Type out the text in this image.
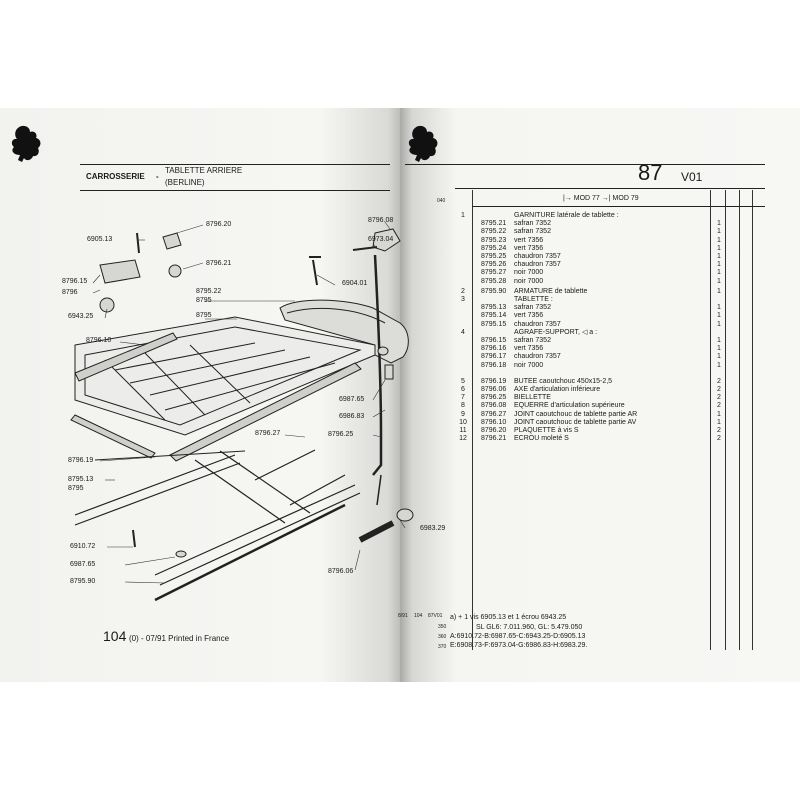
CARROSSERIE -
TABLETTE ARRIERE
(BERLINE)
8796.20
6905.13
8796.21
8796.15
8796
6943.25
8795.22
8795
8795
8796.10
8796.08
6973.04
6904.01
6987.65
6986.83
8796.25
8796.27
8796.19
8795.13
8795
6910.72
6987.65
8795.90
6983.29
8796.06
104 (0) - 07/91 Printed in France
87 V01
040	|→ MOD 77 →| MOD 79
1	GARNITURE latérale de tablette :
8795.21 safran 7352	1
8795.22 safran 7352	1
8795.23 vert 7356	1
8795.24 vert 7356	1
8795.25 chaudron 7357	1
8795.26 chaudron 7357	1
8795.27 noir 7000	1
8795.28 noir 7000	1
2	8795.90 ARMATURE de tablette	1
3	TABLETTE :
8795.13 safran 7352	1
8795.14 vert 7356	1
8795.15 chaudron 7357	1
4	AGRAFE-SUPPORT, ◁ a :
8796.15 safran 7352	1
8796.16 vert 7356	1
8796.17 chaudron 7357	1
8796.18 noir 7000	1
5	8796.19 BUTEE caoutchouc 450x15-2,5	2
6	8796.06 AXE d'articulation inférieure	2
7	8796.25 BIELLETTE	2
8	8796.08 EQUERRE d'articulation supérieure	2
9	8796.27 JOINT caoutchouc de tablette partie AR	1
10	8796.10 JOINT caoutchouc de tablette partie AV	1
11	8796.20 PLAQUETTE à vis S	2
12	8796.21 ECROU moleté S	2
8/91 104 87V01
350
360
370
a) + 1 vis 6905.13 et 1 écrou 6943.25
SL GL6: 7.011.960, GL: 5.479.050
A:6910.72-B:6987.65-C:6943.25-D:6905.13
E:6908.73-F:6973.04-G:6986.83-H:6983.29.
